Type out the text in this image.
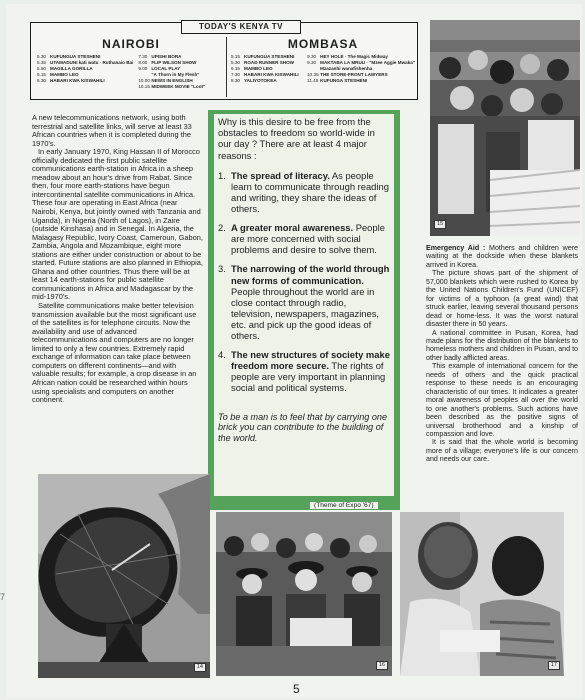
7
TODAY'S KENYA TV
NAIROBI
5.30 KUFUNGUA STESHENI
5.35 UTAMADUNI kati watu · Ruthanaio Bai
5.50 MAGILLA GORILLA
6.15 MAMBO LEO
6.30 HABARI KWA KISWAHILI
7.30 UPISHI BORA
8.00 FLIP WILSON SHOW
9.00 LOCAL PLAY
"A Thorn in My Flesh"
10.00 NEWS IN ENGLISH
10.15 MIDWEEK MOVIE "Loot"
MOMBASA
5.15 KUFUNGUA STESHENI
5.30 ROAD RUNNER SHOW
6.15 MAMBO LEO
7.30 HABARI KWA KISWAHILI
8.30 YALIYOTOKEA
9.30 HEY HOLE · The Magic Midway
9.30 MAKTABA LA MRUU · "Mzee Aggie Mwaka"
Mzazanhi wanafishenha
10.35 THE STORE-FRONT LAWYERS
11.45 KUFUNGA STESHENI

A new telecommunications network, using both terrestrial and satellite links, will serve at least 33 African countries when it is completed during the 1970's.

In early January 1970, King Hassan II of Morocco officially dedicated the first public satellite communications earth-station in Africa in a sheep meadow about an hour's drive from Rabat. Since then, four more earth-stations have begun intercontinental satellite communications in Africa. These four are operating in East Africa (near Nairobi, Kenya, but jointly owned with Tanzania and Uganda), in Nigeria (North of Lagos), in Zaire (outside Kinshasa) and in Senegal. In Algeria, the Malagasy Republic, Ivory Coast, Cameroun, Gabon, Zambia, Angola and Mozambique, eight more stations are either under construction or about to be started. Future stations are also planned in Ethiopia, Ghana and other countries. Thus there will be at least 14 earth-stations for public satellite communications in Africa and Madagascar by the mid-1970's.

Satellite communications make better television transmission available but the most significant use of the satellites is for telephone circuits. Now the availability and use of advanced telecommunications and computers are no longer limited to only a few countries. Extremely rapid exchange of information can take place between computers on different continents—and with valuable results; for example, a crop disease in an African nation could be researched within hours using specialists and computers on another continent.

Why is this desire to be free from the obstacles to freedom so world-wide in our day ? There are at least 4 major reasons :

1. The spread of literacy. As people learn to communicate through reading and writing, they share the ideas of others.
2. A greater moral awareness. People are more concerned with social problems and desire to solve them.
3. The narrowing of the world through new forms of communication. People throughout the world are in close contact through radio, television, newspapers, magazines, etc. and pick up the good ideas of others.
4. The new structures of society make freedom more secure. The rights of people are very important in planning social and political systems.

To be a man is to feel that by carrying one brick you can contribute to the building of the world.

(Theme of Expo '67)
15

Emergency Aid : Mothers and children were waiting at the dockside when these blankets arrived in Korea.

The picture shows part of the shipment of 57,000 blankets which were rushed to Korea by the United Nations Children's Fund (UNICEF) for victims of a typhoon (a great wind) that struck earlier, leaving several thousand persons dead or home-less. It was the worst natural disaster there in 50 years.

A national committee in Pusan, Korea, had made plans for the distribution of the blankets to homeless mothers and children in Pusan, and to other badly afflicted areas.

This example of international concern for the needs of others and the quick practical response to these needs is an encouraging characteristic of our times. It indicates a greater moral awareness of peoples all over the world to one another's problems. Such actions have been described as the positive signs of universal brotherhood and a kinship of compassion and love.

It is said that the whole world is becoming more of a village; everyone's life is our concern and needs our care.

14	16	17
5
